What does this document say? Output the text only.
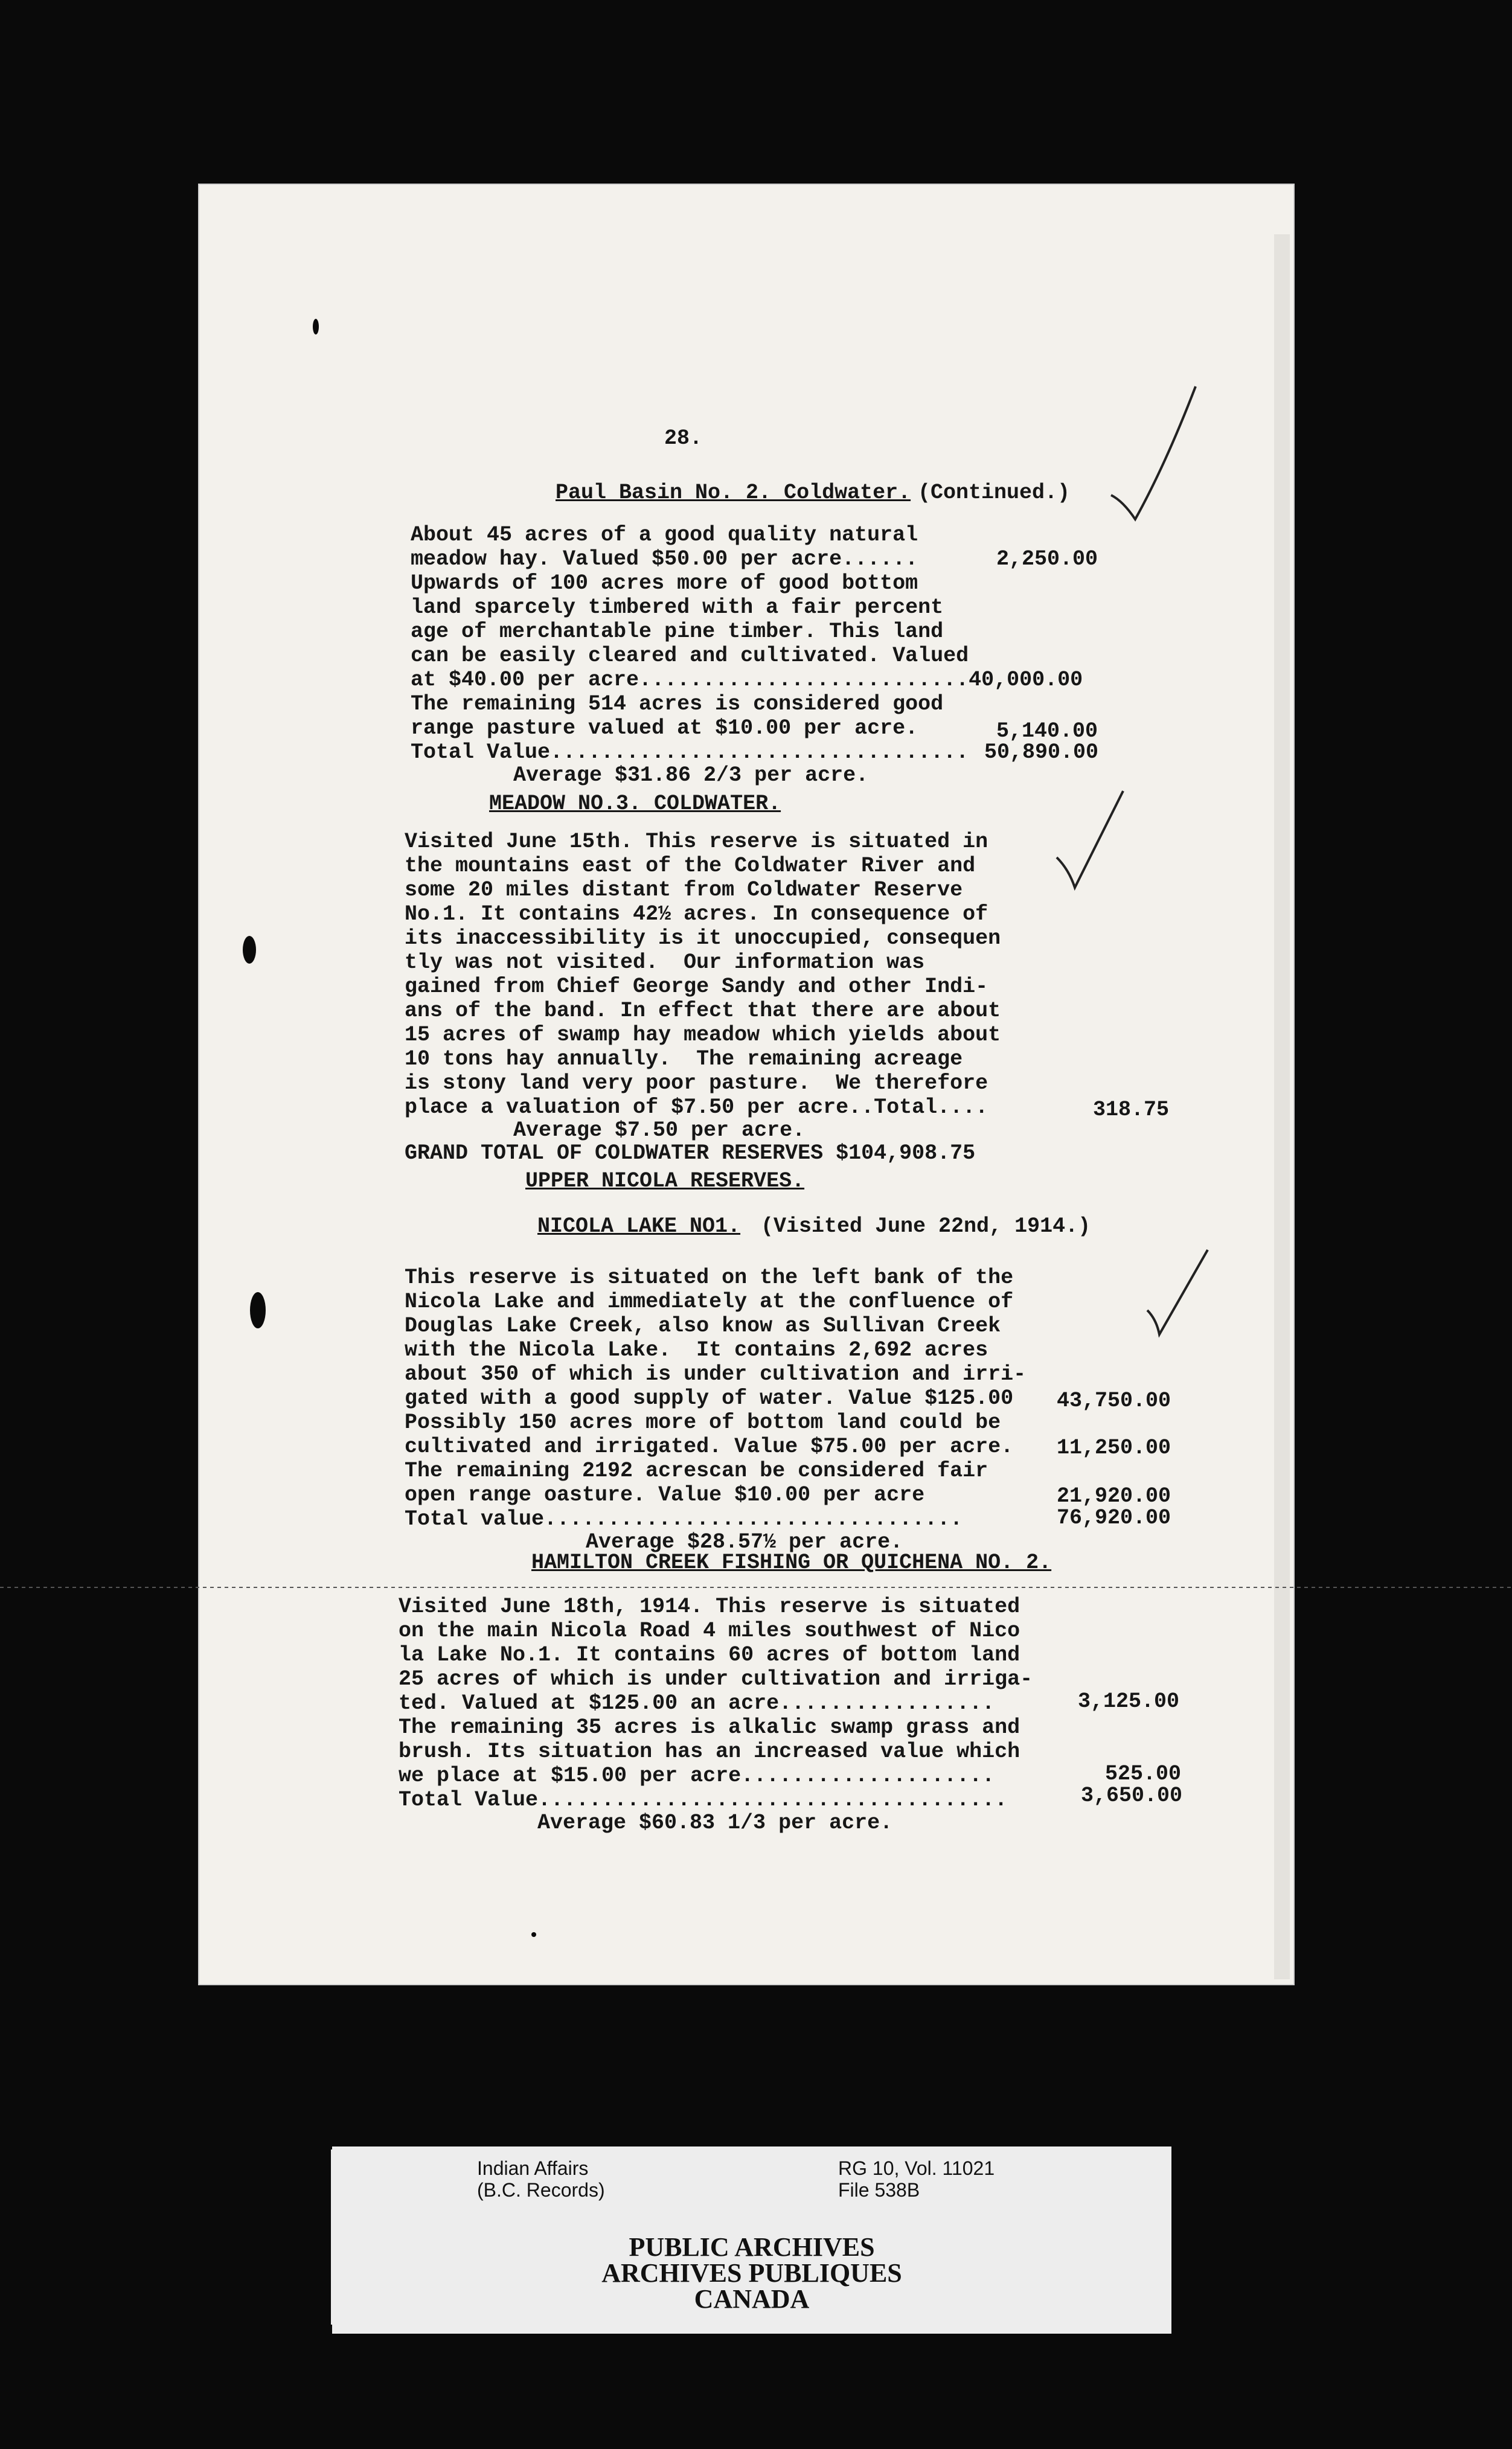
28.
Paul Basin No. 2. Coldwater. (Continued.)
About 45 acres of a good quality natural
meadow hay. Valued $50.00 per acre......
Upwards of 100 acres more of good bottom
land sparcely timbered with a fair percent
age of merchantable pine timber. This land
can be easily cleared and cultivated. Valued
at $40.00 per acre..........................40,000.00
The remaining 514 acres is considered good
range pasture valued at $10.00 per acre.
Total Value.................................
Average $31.86 2/3 per acre.
2,250.00
5,140.00
50,890.00
MEADOW NO.3. COLDWATER.
Visited June 15th. This reserve is situated in
the mountains east of the Coldwater River and
some 20 miles distant from Coldwater Reserve
No.1. It contains 42½ acres. In consequence of
its inaccessibility is it unoccupied, consequen
tly was not visited.  Our information was
gained from Chief George Sandy and other Indi-
ans of the band. In effect that there are about
15 acres of swamp hay meadow which yields about
10 tons hay annually.  The remaining acreage
is stony land very poor pasture.  We therefore
place a valuation of $7.50 per acre..Total....
Average $7.50 per acre.
GRAND TOTAL OF COLDWATER RESERVES $104,908.75
318.75
UPPER NICOLA RESERVES.
NICOLA LAKE NO1. (Visited June 22nd, 1914.)
This reserve is situated on the left bank of the
Nicola Lake and immediately at the confluence of
Douglas Lake Creek, also know as Sullivan Creek
with the Nicola Lake.  It contains 2,692 acres
about 350 of which is under cultivation and irri-
gated with a good supply of water. Value $125.00
Possibly 150 acres more of bottom land could be
cultivated and irrigated. Value $75.00 per acre.
The remaining 2192 acrescan be considered fair
open range oasture. Value $10.00 per acre
Total value.................................
Average $28.57½ per acre.
43,750.00
11,250.00
21,920.00
76,920.00
HAMILTON CREEK FISHING OR QUICHENA NO. 2.
Visited June 18th, 1914. This reserve is situated
on the main Nicola Road 4 miles southwest of Nico
la Lake No.1. It contains 60 acres of bottom land
25 acres of which is under cultivation and irriga-
ted. Valued at $125.00 an acre.................
The remaining 35 acres is alkalic swamp grass and
brush. Its situation has an increased value which
we place at $15.00 per acre....................
Total Value.....................................
Average $60.83 1/3 per acre.
3,125.00
525.00
3,650.00
Indian Affairs
(B.C. Records)
RG 10, Vol. 11021
File 538B
PUBLIC ARCHIVES
ARCHIVES PUBLIQUES
CANADA
